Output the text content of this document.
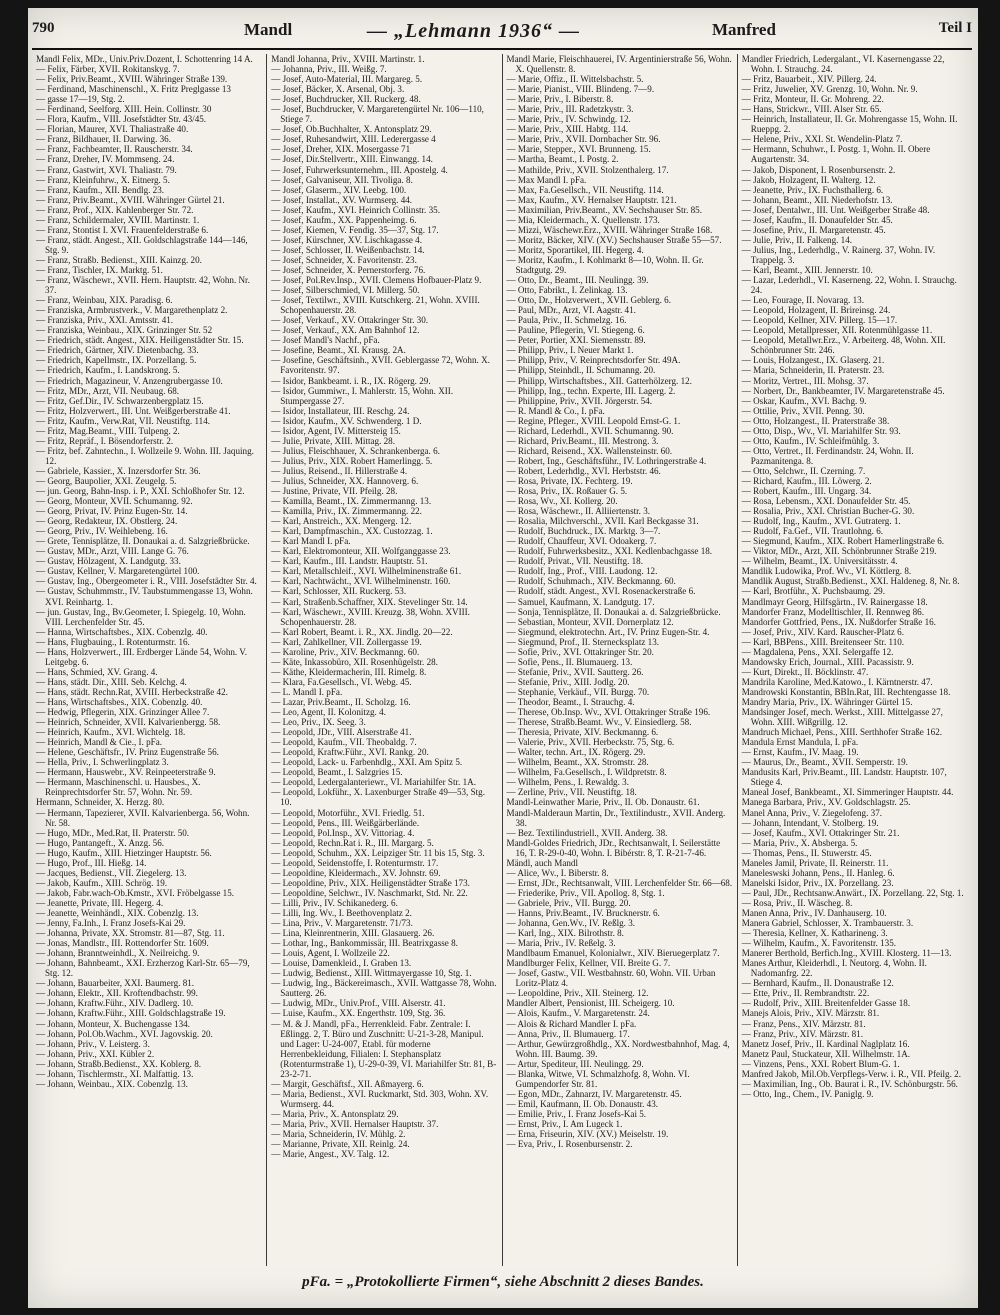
790	Mandl	— „Lehmann 1936“ —	Manfred	Teil I

Mandl Felix, MDr., Univ.Priv.Dozent, I. Schottenring 14 A.

— Felix, Färber, XVII. Rokitanskyg. 7.

— Felix, Priv.Beamt., XVIII. Währinger Straße 139.

— Ferdinand, Maschinenschl., X. Fritz Preglgasse 13

— gasse 17—19, Stg. 2.

— Ferdinand, Seelforg. XIII. Hein. Collinstr. 30

— Flora, Kaufm., VIII. Josefstädter Str. 43/45.

— Florian, Maurer, XVI. Thaliastraße 40.

— Franz, Bildhauer, II. Darwing. 36.

— Franz, Fachbeamter, II. Rauscherstr. 34.

— Franz, Dreher, IV. Mommseng. 24.

— Franz, Gastwirt, XVI. Thaliastr. 79.

— Franz, Kleinfuhrw., X. Eitnerg. 5.

— Franz, Kaufm., XII. Bendlg. 23.

— Franz, Priv.Beamt., XVIII. Währinger Gürtel 21.

— Franz, Prof., XIX. Kahlenberger Str. 72.

— Franz, Schildermaler, XVIII. Martinstr. 1.

— Franz, Stontist I. XVI. Frauenfelderstraße 6.

— Franz, städt. Angest., XII. Goldschlagstraße 144—146, Stg. 9.

— Franz, Straßb. Bedienst., XIII. Kainzg. 20.

— Franz, Tischler, IX. Marktg. 51.

— Franz, Wäschewr., XVII. Hern. Hauptstr. 42, Wohn. Nr. 37.

— Franz, Weinbau, XIX. Paradisg. 6.

— Franziska, Armbrustverk., V. Margarethenplatz 2.

— Franziska, Priv., XXI. Amtsstr. 41.

— Franziska, Weinbau., XIX. Grinzinger Str. 52

— Friedrich, städt. Angest., XIX. Heiligenstädter Str. 15.

— Friedrich, Gärtner, XIV. Dietenbachg. 33.

— Friedrich, Kapellmstr., IX. Porzellang. 5.

— Friedrich, Kaufm., I. Landskrong. 5.

— Friedrich, Magazineur, V. Anzengrubergasse 10.

— Fritz, MDr., Arzt, VII. Neubaug. 68.

— Fritz, Gef.Dir., IV. Schwarzenbergplatz 15.

— Fritz, Holzverwert., III. Unt. Weißgerberstraße 41.

— Fritz, Kaufm., Verw.Rat, VII. Neustiftg. 114.

— Fritz, Mag.Beamt., VIII. Tulpeng. 2.

— Fritz, Repräf., I. Bösendorferstr. 2.

— Fritz, bef. Zahntechn., I. Wollzeile 9. Wohn. III. Jaquing. 12.

— Gabriele, Kassier., X. Inzersdorfer Str. 36.

— Georg, Baupolier, XXI. Zeugelg. 5.

— jun. Georg, Bahn-Insp. i. P., XXI. Schloßhofer Str. 12.

— Georg, Monteur, XVII. Schumanng. 92.

— Georg, Privat, IV. Prinz Eugen-Str. 14.

— Georg, Redakteur, IX. Obstlerg. 24.

— Georg, Priv., IV. Weihlebeng. 16.

— Grete, Tennisplätze, II. Donaukai a. d. Salzgrießbrücke.

— Gustav, MDr., Arzt, VIII. Lange G. 76.

— Gustav, Hölzagent, X. Landgutg. 33.

— Gustav, Kellner, V. Margaretengürtel 100.

— Gustav, Ing., Obergeometer i. R., VIII. Josefstädter Str. 4.

— Gustav, Schuhmmstr., IV. Taubstummengasse 13, Wohn. XVI. Reinhartg. 1.

— jun. Gustav, Ing., Bv.Geometer, I. Spiegelg. 10, Wohn. VIII. Lerchenfelder Str. 45.

— Hanna, Wirtschaftsbes., XIX. Cobenzlg. 40.

— Hans, Flugbauing., I. Rotenturmstr. 16.

— Hans, Holzverwert., III. Erdberger Lände 54, Wohn. V. Leitgebg. 6.

— Hans, Schmied, XV. Grang. 4.

— Hans, städt. Dir., XIII. Seb. Kelchg. 4.

— Hans, städt. Rechn.Rat, XVIII. Herbeckstraße 42.

— Hans, Wirtschaftsbes., XIX. Cobenzlg. 40.

— Hedwig, Pflegerin, XIX. Grinzinger Allee 7.

— Heinrich, Schneider, XVII. Kalvarienbergg. 58.

— Heinrich, Kaufm., XVI. Wichtelg. 18.

— Heinrich, Mandl & Cie., I. pFa.

— Helene, Geschäftsfr., IV. Prinz Eugenstraße 56.

— Hella, Priv., I. Schwerlingplatz 3.

— Hermann, Hauswebr., XV. Reinpeeterstraße 9.

— Hermann, Maschinenschl. u. Hausbes., X. Reinprechtsdorfer Str. 57, Wohn. Nr. 59.

Hermann, Schneider, X. Herzg. 80.

— Hermann, Tapezierer, XVII. Kalvarienberga. 56, Wohn. Nr. 58.

— Hugo, MDr., Med.Rat, II. Praterstr. 50.

— Hugo, Pantangeft., X. Anzg. 56.

— Hugo, Kaufm., XIII. Hietzinger Hauptstr. 56.

— Hugo, Prof., III. Hießg. 14.

— Jacques, Bedienst., VII. Ziegelerg. 13.

— Jakob, Kaufm., XIII. Schrög. 19.

— Jakob, Fabr.wach-Ob.Kmstr., XVI. Fröbelgasse 15.

— Jeanette, Private, III. Hegerg. 4.

— Jeanette, Weinhändl., XIX. Cobenzlg. 13.

— Jenny, Fa.Inh., I. Franz Josefs-Kai 29.

— Johanna, Private, XX. Stromstr. 81—87, Stg. 11.

— Jonas, Mandlstr., III. Rottendorfer Str. 1609.

— Johann, Branntweinhdl., X. Neilreichg. 9.

— Johann, Bahnbeamt., XXI. Erzherzog Karl-Str. 65—79, Stg. 12.

— Johann, Bauarbeiter, XXI. Baumerg. 81.

— Johann, Elektr., XII. Kroftendbachstr. 99.

— Johann, Kraftw.Führ., XIV. Dadlerg. 10.

— Johann, Kraftw.Führ., XIII. Goldschlagstraße 19.

— Johann, Monteur, X. Buchengasse 134.

— Johann, Pol.Ob.Wachm., XVI. Jagovskig. 20.

— Johann, Priv., V. Leisterg. 3.

— Johann, Priv., XXI. Kübler 2.

— Johann, Straßb.Bedienst., XX. Koblerg. 8.

— Johann, Tischlermstr., XI. Malfattig. 13.

— Johann, Weinbau., XIX. Cobenzlg. 13.

Mandl Johanna, Priv., XVIII. Martinstr. 1.

— Johanna, Priv., III. Weißg. 7.

— Josef, Auto-Material, III. Margareg. 5.

— Josef, Bäcker, X. Arsenal, Obj. 3.

— Josef, Buchdrucker, XII. Ruckerg. 48.

— Josef, Buchdrucker, V. Margaretengürtel Nr. 106—110, Stiege 7.

— Josef, Ob.Buchhalter, X. Antonsplatz 29.

— Josef, Ruhesandwirt, XIII. Lederergasse 4

— Josef, Dreher, XIX. Mosergasse 71

— Josef, Dir.Stellvertr., XIII. Einwangg. 14.

— Josef, Fuhrwerksunternehm., III. Apostelg. 4.

— Josef, Galvaniseur, XII. Tivoliga. 8.

— Josef, Glaserm., XIV. Leebg. 100.

— Josef, Installat., XV. Wurmserg. 44.

— Josef, Kaufm., XVI. Heinrich Collinstr. 35.

— Josef, Kaufm., XX. Pappenheimg. 6.

— Josef, Kiemen, V. Fendig. 35—37, Stg. 17.

— Josef, Kürschner, XV. Lischkagasse 4.

— Josef, Schlosser, II. Weißenbachstr. 14.

— Josef, Schneider, X. Favoritenstr. 23.

— Josef, Schneider, X. Pernerstorferg. 76.

— Josef, Pol.Rev.Insp., XVII. Clemens Hofbauer-Platz 9.

— Josef, Silberschmied, VI. Millerg. 50.

— Josef, Textilwr., XVIII. Kutschkerg. 21, Wohn. XVIII. Schopenhauerstr. 28.

— Josef, Verkauf., XV. Ottakringer Str. 30.

— Josef, Verkauf., XX. Am Bahnhof 12.

— Josef Mandl's Nachf., pFa.

— Josefine, Beamt., XI. Krausg. 2A.

— Josefine, Geschäftsinh., XVII. Geblergasse 72, Wohn. X. Favoritenstr. 97.

— Isidor, Bankbeamt. i. R., IX. Rögerg. 29.

— Isidor, Gummiwr., I. Mahlerstr. 15, Wohn. XII. Stumpergasse 27.

— Isidor, Installateur, III. Reschg. 24.

— Isidor, Kaufm., XV. Schwenderg. 1 D.

— Isidor, Agent, IV. Mittersteig 15.

— Julie, Private, XIII. Mittag. 28.

— Julius, Fleischhauer, X. Schrankenberga. 6.

— Julius, Priv., XIX. Robert Hamerlingg. 5.

— Julius, Reisend., II. Hillerstraße 4.

— Julius, Schneider, XX. Hannoverg. 6.

— Justine, Private, VII. Pfeilg. 28.

— Kamilla, Beamt., IX. Zimmermanng. 13.

— Kamilla, Priv., IX. Zimmermanng. 22.

— Karl, Anstreich., XX. Mengerg. 12.

— Karl, Dampfmaschin., XX. Custozzag. 1.

— Karl Mandl I. pFa.

— Karl, Elektromonteur, XII. Wolfganggasse 23.

— Karl, Kaufm., III. Landstr. Hauptstr. 51.

— Karl, Metallschleif., XVI. Wilhelminenstraße 61.

— Karl, Nachtwächt., XVI. Wilhelminenstr. 160.

— Karl, Schlosser, XII. Ruckerg. 53.

— Karl, Straßenb.Schaffner, XIX. Stevelinger Str. 14.

— Karl, Wäschewr., XVIII. Kreuzg. 38, Wohn. XVIII. Schopenhauerstr. 28.

— Karl Robert, Beamt. i. R., XX. Jindlg. 20—22.

— Karl, Zahlkellner, VII. Zollergasse 19.

— Karoline, Priv., XIV. Beckmanng. 60.

— Käte, Inkassobüro, XII. Rosenhügelstr. 28.

— Käthe, Kleidermacherin, III. Rimelg. 8.

— Klara, Fa.Gesellsch., VI. Webg. 45.

— L. Mandl I. pFa.

— Lazar, Priv.Beamt., II. Scholzg. 16.

— Leo, Agent, II. Kolonitzg. 4.

— Leo, Priv., IX. Seeg. 3.

— Leopold, JDr., VIII. Alserstraße 41.

— Leopold, Kaufm., VII. Theobaldg. 7.

— Leopold, Kraftw.Führ., XVI. Rankg. 20.

— Leopold, Lack- u. Farbenhdlg., XXI. Am Spitz 5.

— Leopold, Beamt., I. Salzgries 15.

— Leopold, Ledergalanteriewr., VI. Mariahilfer Str. 1A.

— Leopold, Lokführ., X. Laxenburger Straße 49—53, Stg. 10.

— Leopold, Motorführ., XVI. Friedlg. 51.

— Leopold, Pens., III. Weißgärberlände.

— Leopold, Pol.Insp., XV. Vittoriag. 4.

— Leopold, Rechn.Rat i. R., III. Margarg. 5.

— Leopold, Schuhm., XX. Leipziger Str. 11 bis 15, Stg. 3.

— Leopold, Seidenstoffe, I. Rotenturmstr. 17.

— Leopoldine, Kleidermach., XV. Johnstr. 69.

— Leopoldine, Priv., XIX. Heiligenstädter Straße 173.

— Leopoldine, Selchwr., IV. Naschmarkt, Std. Nr. 22.

— Lilli, Priv., IV. Schikanederg. 6.

— Lilli, Ing. Wv., I. Beethovenplatz 2.

— Lina, Priv., V. Margaretenstr. 71/73.

— Lina, Kleinrentnerin, XIII. Glasauerg. 26.

— Lothar, Ing., Bankommissär, III. Beatrixgasse 8.

— Louis, Agent, I. Wollzeile 22.

— Louise, Damenkleid., I. Graben 13.

— Ludwig, Bedienst., XIII. Wittmayergasse 10, Stg. 1.

— Ludwig, Ing., Bäckereimasch., XVII. Wattgasse 78, Wohn. Sautterg. 26.

— Ludwig, MDr., Univ.Prof., VIII. Alserstr. 41.

— Luise, Kaufm., XX. Engerthstr. 109, Stg. 36.

— M. & J. Mandl, pFa., Herrenkleid. Fabr. Zentrale: I. Eßlingg. 2, T. Büro und Zuschnitt: U-21-3-28, Manipul. und Lager: U-24-007, Etabl. für moderne Herrenbekleidung, Filialen: I. Stephansplatz (Rotenturmstraße 1), U-29-0-39, VI. Mariahilfer Str. 81, B-23-2-71.

— Margit, Geschäftsf., XII. Aßmayerg. 6.

— Maria, Bedienst., XVI. Ruckmarkt, Std. 303, Wohn. XV. Wurmserg. 44.

— Maria, Priv., X. Antonsplatz 29.

— Maria, Priv., XVII. Hernalser Hauptstr. 37.

— Maria, Schneiderin, IV. Mühlg. 2.

— Marianne, Private, XII. Reinlg. 24.

— Marie, Angest., XV. Talg. 12.

Mandl Marie, Fleischhauerei, IV. Argentinierstraße 56, Wohn. X. Quellenstr. 8.

— Marie, Offiz., II. Wittelsbachstr. 5.

— Marie, Pianist., VIII. Blindeng. 7—9.

— Marie, Priv., I. Biberstr. 8.

— Marie, Priv., III. Radetzkystr. 3.

— Marie, Priv., IV. Schwindg. 12.

— Marie, Priv., XIII. Habtg. 114.

— Marie, Priv., XVII. Dornbacher Str. 96.

— Marie, Stepper., XVI. Brunneng. 15.

— Martha, Beamt., I. Postg. 2.

— Mathilde, Priv., XVII. Stolzenthalerg. 17.

— Max Mandl I. pFa.

— Max, Fa.Gesellsch., VII. Neustiftg. 114.

— Max, Kaufm., XV. Hernalser Hauptstr. 121.

— Maximilian, Priv.Beamt., XV. Sechshauser Str. 85.

— Mia, Kleidermach., X. Quellenstr. 173.

— Mizzi, Wäschewr.Erz., XVIII. Währinger Straße 168.

— Moritz, Bäcker, XIV. (XV.) Sechshauser Straße 55—57.

— Moritz, Sporartikel, III. Hegerg. 4.

— Moritz, Kaufm., I. Kohlmarkt 8—10, Wohn. II. Gr. Stadtgutg. 29.

— Otto, Dr., Beamt., III. Neulingg. 39.

— Otto, Fabrikt., I. Zelinkag. 13.

— Otto, Dr., Holzverwert., XVII. Geblerg. 6.

— Paul, MDr., Arzt, VI. Aagstr. 41.

— Paula, Priv., II. Schmelzg. 16.

— Pauline, Pflegerin, VI. Stiegeng. 6.

— Peter, Portier, XXI. Siemensstr. 89.

— Philipp, Priv., I. Neuer Markt 1.

— Philipp, Priv., V. Reinprechtsdorfer Str. 49A.

— Philipp, Steinhdl., II. Schumanng. 20.

— Philipp, Wirtschaftsbes., XII. Gatterhölzerg. 12.

— Philipp, Ing., techn. Experte, III. Lagerg. 2.

— Philippine, Priv., XVII. Jörgerstr. 54.

— R. Mandl & Co., I. pFa.

— Regine, Pfleger., XVIII. Leopold Ernst-G. 1.

— Richard, Lederhdl., XVII. Schumanng. 90.

— Richard, Priv.Beamt., III. Mestrong. 3.

— Richard, Reisend., XX. Wallensteinstr. 60.

— Robert, Ing., Geschäftsführ., IV. Lothringerstraße 4.

— Robert, Lederhdlg., XVI. Herbststr. 46.

— Rosa, Private, IX. Fechterg. 19.

— Rosa, Priv., IX. Roßauer G. 5.

— Rosa, Wv., XI. Kollerg. 20.

— Rosa, Wäschewr., II. Alliiertenstr. 3.

— Rosalia, Milchverschl., XVII. Karl Beckgasse 31.

— Rudolf, Buchdruck., IX. Marktg. 3—7.

— Rudolf, Chauffeur, XVI. Odoakerg. 7.

— Rudolf, Fuhrwerksbesitz., XXI. Kedlenbachgasse 18.

— Rudolf, Privat., VII. Neustiftg. 18.

— Rudolf, Ing., Prof., VIII. Laudong. 12.

— Rudolf, Schuhmach., XIV. Beckmanng. 60.

— Rudolf, städt. Angest., XVI. Rosenackerstraße 6.

— Samuel, Kaufmann, X. Landgutg. 17.

— Sonja, Tennisplätze, II. Donaukai a. d. Salzgrießbrücke.

— Sebastian, Monteur, XVII. Dornerplatz 12.

— Siegmund, elektrotechn. Art., IV. Prinz Eugen-Str. 4.

— Siegmund, Prof., II. Sternecksplatz 13.

— Sofie, Priv., XVI. Ottakringer Str. 20.

— Sofie, Pens., II. Blumauerg. 13.

— Stefanie, Priv., XVII. Sautterg. 26.

— Stefanie, Priv., XIII. Jodlg. 20.

— Stephanie, Verkäuf., VII. Burgg. 70.

— Theodor, Beamt., I. Strauchg. 4.

— Therese, Ob.Insp. Wv., XVI. Ottakringer Straße 196.

— Therese, Straßb.Beamt. Wv., V. Einsiedlerg. 58.

— Theresia, Private, XIV. Beckmanng. 6.

— Valerie, Priv., XVII. Herbeckstr. 75, Stg. 6.

— Walter, techn. Art., IX. Rögerg. 29.

— Wilhelm, Beamt., XX. Stromstr. 28.

— Wilhelm, Fa.Gesellsch., I. Wildpretstr. 8.

— Wilhelm, Pens., I. Rewaldg. 3.

— Zerline, Priv., VII. Neustiftg. 18.

Mandl-Leinwather Marie, Priv., II. Ob. Donaustr. 61.

Mandl-Malderaun Martin, Dr., Textilindustr., XVII. Anderg. 38.

— Bez. Textilindustriell., XVII. Anderg. 38.

Mandl-Goldes Friedrich, JDr., Rechtsanwalt, I. Seilerstätte 16, T. R-29-0-40, Wohn. I. Bibérstr. 8, T. R-21-7-46.

Mändl, auch Mandl

— Alice, Wv., I. Biberstr. 8.

— Ernst, JDr., Rechtsanwalt, VIII. Lerchenfelder Str. 66—68.

— Friederike, Priv., VII. Apollog. 8, Stg. 1.

— Gabriele, Priv., VII. Burgg. 20.

— Hanns, Priv.Beamt., IV. Brucknerstr. 6.

— Johanna, Gen.Wv., IV. Reßlg. 3.

— Karl, Ing., XIX. Bilrothstr. 8.

— Maria, Priv., IV. Reßelg. 3.

Mandlbaum Emanuel, Kolonialwr., XIV. Bieruegerplatz 7.

Mandlburger Felix, Kellner, VII. Breite G. 7.

— Josef, Gastw., VII. Westbahnstr. 60, Wohn. VII. Urban Loritz-Platz 4.

— Leopoldine, Priv., XII. Steinerg. 12.

Mandler Albert, Pensionist, III. Scheigerg. 10.

— Alois, Kaufm., V. Margaretenstr. 24.

— Alois & Richard Mandler I. pFa.

— Anna, Priv., II. Blumauerg. 17.

— Arthur, Gewürzgroßhdlg., XX. Nordwestbahnhof, Mag. 4, Wohn. III. Baumg. 39.

— Artur, Spediteur, III. Neulingg. 29.

— Blanka, Witwe, VI. Schmalzhofg. 8, Wohn. VI. Gumpendorfer Str. 81.

— Egon, MDr., Zahnarzt, IV. Margaretenstr. 45.

— Emil, Kaufmann, II. Ob. Donaustr. 43.

— Emilie, Priv., I. Franz Josefs-Kai 5.

— Ernst, Priv., I. Am Lugeck 1.

— Erna, Friseurin, XIV. (XV.) Meiselstr. 19.

— Eva, Priv., I. Rosenbursenstr. 2.

Mandler Friedrich, Ledergalant., VI. Kasernengasse 22, Wohn. I. Strauchg. 24.

— Fritz, Bauarbeit., XIV. Pillerg. 24.

— Fritz, Juwelier, XV. Grenzg. 10, Wohn. Nr. 9.

— Fritz, Monteur, II. Gr. Mohreng. 22.

— Hans, Strickwr., VIII. Alser Str. 65.

— Heinrich, Installateur, II. Gr. Mohrengasse 15, Wohn. II. Rueppg. 2.

— Helene, Priv., XXI. St. Wendelin-Platz 7.

— Hermann, Schuhwr., I. Postg. 1, Wohn. II. Obere Augartenstr. 34.

— Jakob, Disponent, I. Rosenbursenstr. 2.

— Jakob, Holzagent, II. Walterg. 12.

— Jeanette, Priv., IX. Fuchsthallerg. 6.

— Johann, Beamt., XII. Niederhofstr. 13.

— Josef, Dentalwr., III. Unt. Weißgerber Straße 48.

— Josef, Kaufm., II. Donaufelder Str. 45.

— Josefine, Priv., II. Margaretenstr. 45.

— Julie, Priv., II. Falkeng. 14.

— Julius, Ing., Lederhdlg., V. Rainerg. 37, Wohn. IV. Trappelg. 3.

— Karl, Beamt., XIII. Jennerstr. 10.

— Lazar, Lederhdl., VI. Kaserneng. 22, Wohn. I. Strauchg. 24.

— Leo, Fourage, II. Novarag. 13.

— Leopold, Holzagent, II. Brireinsg. 24.

— Leopold, Kellner, XIV. Pillerg. 15—17.

— Leopold, Metallpresser, XII. Rotenmühlgasse 11.

— Leopold, Metallwr.Erz., V. Arbeiterg. 48, Wohn. XII. Schönbrunner Str. 246.

— Louis, Holzangest., IX. Glaserg. 21.

— Maria, Schneiderin, II. Praterstr. 23.

— Moritz, Vertret., III. Mohsg. 37.

— Norbert, Dr., Bankbeamter, IV. Margaretenstraße 45.

— Oskar, Kaufm., XVI. Bachg. 9.

— Ottilie, Priv., XVII. Penng. 30.

— Otto, Holzangest., II. Praterstraße 38.

— Otto, Disp., Wv., VI. Mariahilfer Str. 93.

— Otto, Kaufm., IV. Schleifmühlg. 3.

— Otto, Vertret., II. Ferdinandstr. 24, Wohn. II. Pazmanitenga. 8.

— Otto, Selchwr., II. Czerning. 7.

— Richard, Kaufm., III. Löwerg. 2.

— Robert, Kaufm., III. Ungarg. 34.

— Rosa, Lebensm., XXI. Donaufelder Str. 45.

— Rosalia, Priv., XXI. Christian Bucher-G. 30.

— Rudolf, Ing., Kaufm., XVI. Gutraterg. 1.

— Rudolf, Fa.Gef., VII. Trautlohng. 6.

— Siegmund, Kaufm., XIX. Robert Hamerlingstraße 6.

— Viktor, MDr., Arzt, XII. Schönbrunner Straße 219.

— Wilhelm, Beamt., IX. Universitätsstr. 4.

Mandlik Ludowika, Prof. Wv., VI. Köttlerg. 8.

Mandlik August, Straßb.Bedienst., XXI. Haldeneg. 8, Nr. 8.

— Karl, Brotführ., X. Puchsbaumg. 29.

Mandlmayr Georg, Hilfsgärtn., IV. Rainergasse 18.

Mandorfer Franz, Modelltischler, II. Rennweg 86.

Mandorfer Gottfried, Pens., IX. Nußdorfer Straße 16.

— Josef, Priv., XIV. Kard. Rauscher-Platz 6.

— Karl, BBPens., XIII. Breitenseer Str. 110.

— Magdalena, Pens., XXI. Selergaffe 12.

Mandowsky Erich, Journal., XIII. Pacassistr. 9.

— Kurt, Direkt., II. Böcklinstr. 47.

Mandrila Karoline, Med.Katowo., I. Kärntnerstr. 47.

Mandrowski Konstantin, BBIn.Rat, III. Rechtengasse 18.

Mandry Maria, Priv., IX. Währinger Gürtel 15.

Mandsinger Josef, mech. Werkst., XIII. Mittelgasse 27, Wohn. XIII. Wißgrillg. 12.

Mandruch Michael, Pens., XIII. Serthhofer Straße 162.

Mandula Ernst Mandula, I. pFa.

— Ernst, Kaufm., IV. Maag. 19.

— Maurus, Dr., Beamt., XVII. Semperstr. 19.

Mandusits Karl, Priv.Beamt., III. Landstr. Hauptstr. 107, Stiege 4.

Maneal Josef, Bankbeamt., XI. Simmeringer Hauptstr. 44.

Manega Barbara, Priv., XV. Goldschlagstr. 25.

Manel Anna, Priv., V. Ziegelofeng. 37.

— Johann, Intendant, V. Stolberg. 19.

— Josef, Kaufm., XVI. Ottakringer Str. 21.

— Maria, Priv., X. Absberga. 5.

— Thomas, Pens., II. Stuwerstr. 45.

Maneles Jamil, Private, II. Reinerstr. 11.

Maneleswski Johann, Pens., II. Hanleg. 6.

Manelski Isidor, Priv., IX. Porzellang. 23.

— Paul, JDr., Rechtsanw.Anwärt., IX. Porzellang. 22, Stg. 1.

— Rosa, Priv., II. Wäscheg. 8.

Manen Anna, Priv., IV. Danhauserg. 10.

Manera Gabriel, Schlosser, X. Trambauerstr. 3.

— Theresia, Kellner, X. Katharineng. 3.

— Wilhelm, Kaufm., X. Favoritenstr. 135.

Manerer Berthold, Berfich.Ing., XVIII. Klosterg. 11—13.

Manes Arthur, Kleiderhdl., I. Neutorg. 4, Wohn. II. Nadomanfrg. 22.

— Bernhard, Kaufm., II. Donaustraße 12.

— Ette, Priv., II. Rembrandtstr. 22.

— Rudolf, Priv., XIII. Breitenfelder Gasse 18.

Manejs Alois, Priv., XIV. Märzstr. 81.

— Franz, Pens., XIV. Märzstr. 81.

— Franz, Priv., XIV. Märzstr. 81.

Manetz Josef, Priv., II. Kardinal Naglplatz 16.

Manetz Paul, Stuckateur, XII. Wilhelmstr. 1A.

— Vinzens, Pens., XXI. Robert Blum-G. 1.

Manfred Jakob, Mil.Ob.Verpflegs-Verw. i. R., VII. Pfeilg. 2.

— Maximilian, Ing., Ob. Baurat i. R., IV. Schönburgstr. 56.

— Otto, Ing., Chem., IV. Paniglg. 9.

pFa. = „Protokollierte Firmen“, siehe Abschnitt 2 dieses Bandes.
